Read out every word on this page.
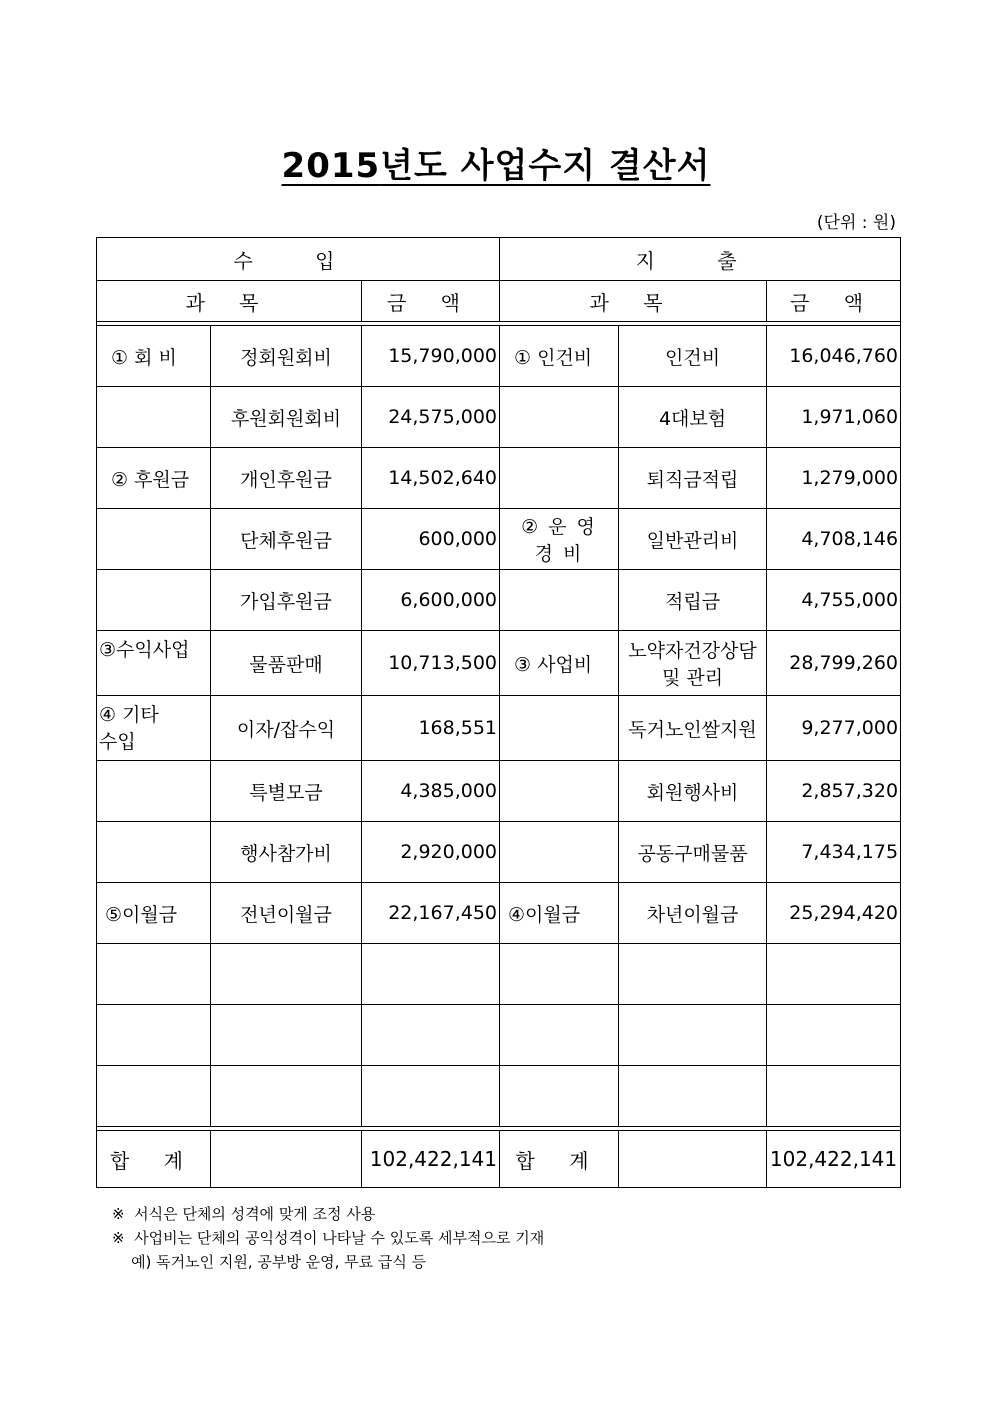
2015년도 사업수지 결산서
(단위 : 원)
수 입			지 출		
과 목		금 액	과 목		금 액

① 회 비	정회원회비	15,790,000	① 인건비	인건비	16,046,760
	후원회원회비	24,575,000		4대보험	1,971,060
② 후원금	개인후원금	14,502,640		퇴직금적립	1,279,000
	단체후원금	600,000	② 운 영
경 비	일반관리비	4,708,146
	가입후원금	6,600,000		적립금	4,755,000
③수익사업	물품판매	10,713,500	③ 사업비	노약자건강상담
및 관리	28,799,260
④ 기타
수입	이자/잡수익	168,551		독거노인쌀지원	9,277,000
	특별모금	4,385,000		회원행사비	2,857,320
	행사참가비	2,920,000		공동구매물품	7,434,175
⑤이월금	전년이월금	22,167,450	④이월금	차년이월금	25,294,420

합 계		102,422,141	합 계		102,422,141
※  서식은 단체의 성격에 맞게 조정 사용
※  사업비는 단체의 공익성격이 나타날 수 있도록 세부적으로 기재
예) 독거노인 지원, 공부방 운영, 무료 급식 등
